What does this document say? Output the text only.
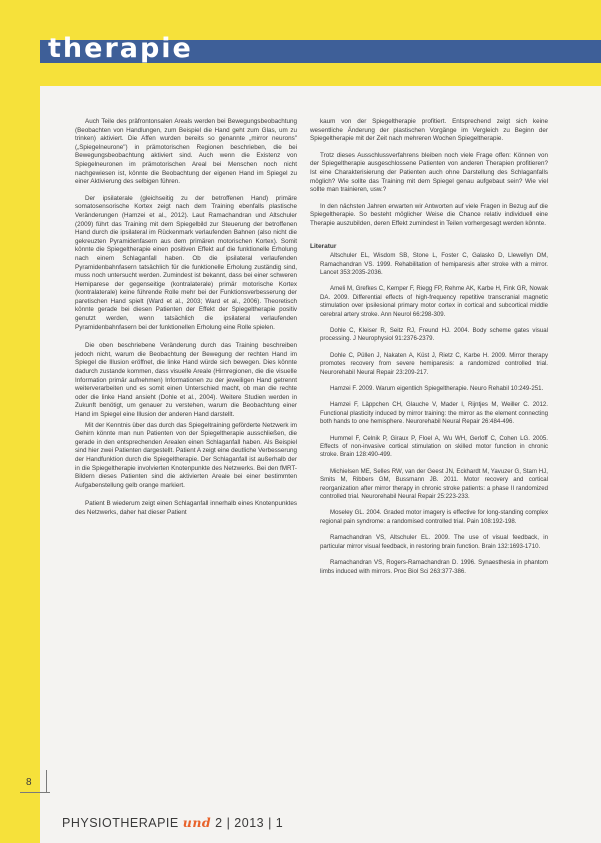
therapie

Auch Teile des präfrontonsalen Areals werden bei Bewegungsbeobachtung (Beobachten von Handlungen, zum Beispiel die Hand geht zum Glas, um zu trinken) aktiviert. Die Affen wurden bereits so genannte „mirror neurons" („Spiegelneurone") in prämotorischen Regionen beschrieben, die bei Bewegungsbeobachtung aktiviert sind. Auch wenn die Existenz von Spiegelneuronen im prämotorischen Areal bei Menschen noch nicht nachgewiesen ist, könnte die Beobachtung der eigenen Hand im Spiegel zu einer Aktivierung des selbigen führen.

Der ipsilaterale (gleichseitig zu der betroffenen Hand) primäre somatosensorische Kortex zeigt nach dem Training ebenfalls plastische Veränderungen (Hamzei et al., 2012). Laut Ramachandran und Altschuler (2009) führt das Training mit dem Spiegelbild zur Steuerung der betroffenen Hand durch die ipsilateral im Rückenmark verlaufenden Bahnen (also nicht die gekreuzten Pyramidenfasern aus dem primären motorischen Kortex). Somit könnte die Spiegeltherapie einen positiven Effekt auf die funktionelle Erholung nach einem Schlaganfall haben. Ob die ipsilateral verlaufenden Pyramidenbahnfasern tatsächlich für die funktionelle Erholung zuständig sind, muss noch untersucht werden. Zumindest ist bekannt, dass bei einer schweren Hemiparese der gegenseitige (kontralaterale) primär motorische Kortex (kontralaterale) keine führende Rolle mehr bei der Funktionsverbesserung der paretischen Hand spielt (Ward et al., 2003; Ward et al., 2006). Theoretisch könnte gerade bei diesen Patienten der Effekt der Spiegeltherapie positiv genutzt werden, wenn tatsächlich die ipsilateral verlaufenden Pyramidenbahnfasern bei der funktionellen Erholung eine Rolle spielen.

Die oben beschriebene Veränderung durch das Training beschreiben jedoch nicht, warum die Beobachtung der Bewegung der rechten Hand im Spiegel die Illusion eröffnet, die linke Hand würde sich bewegen. Dies könnte dadurch zustande kommen, dass visuelle Areale (Hirnregionen, die die visuelle Information primär aufnehmen) Informationen zu der jeweiligen Hand getrennt weiterverarbeiten und es somit einen Unterschied macht, ob man die rechte oder die linke Hand ansieht (Dohle et al., 2004). Weitere Studien werden in Zukunft benötigt, um genauer zu verstehen, warum die Beobachtung einer Hand im Spiegel eine Illusion der anderen Hand darstellt.

Mit der Kenntnis über das durch das Spiegeltraining geförderte Netzwerk im Gehirn könnte man nun Patienten von der Spiegeltherapie ausschließen, die gerade in den entsprechenden Arealen einen Schlaganfall haben. Als Beispiel sind hier zwei Patienten dargestellt. Patient A zeigt eine deutliche Verbesserung der Handfunktion durch die Spiegeltherapie. Der Schlaganfall ist außerhalb der in die Spiegeltherapie involvierten Knotenpunkte des Netzwerks. Bei den fMRT-Bildern dieses Patienten sind die aktivierten Areale bei einer bestimmten Aufgabenstellung gelb orange markiert.

Patient B wiederum zeigt einen Schlaganfall innerhalb eines Knotenpunktes des Netzwerks, daher hat dieser Patient

kaum von der Spiegeltherapie profitiert. Entsprechend zeigt sich keine wesentliche Änderung der plastischen Vorgänge im Vergleich zu Beginn der Spiegeltherapie mit der Zeit nach mehreren Wochen Spiegeltherapie.

Trotz dieses Ausschlussverfahrens bleiben noch viele Frage offen: Können von der Spiegeltherapie ausgeschlossene Patienten von anderen Therapien profitieren? Ist eine Charakterisierung der Patienten auch ohne Darstellung des Schlaganfalls möglich? Wie sollte das Training mit dem Spiegel genau aufgebaut sein? Wie viel sollte man trainieren, usw.?

In den nächsten Jahren erwarten wir Antworten auf viele Fragen in Bezug auf die Spiegeltherapie. So besteht möglicher Weise die Chance relativ individuell eine Therapie auszubilden, deren Effekt zumindest in Teilen vorhergesagt werden könnte.

Literatur

Altschuler EL, Wisdom SB, Stone L, Foster C, Galasko D, Llewellyn DM, Ramachandran VS. 1999. Rehabilitation of hemiparesis after stroke with a mirror. Lancet 353:2035-2036.

Ameli M, Grefkes C, Kemper F, Riegg FP, Rehme AK, Karbe H, Fink GR, Nowak DA. 2009. Differential effects of high-frequency repetitive transcranial magnetic stimulation over ipsilesional primary motor cortex in cortical and subcortical middle cerebral artery stroke. Ann Neurol 66:298-309.

Dohle C, Kleiser R, Seitz RJ, Freund HJ. 2004. Body scheme gates visual processing. J Neurophysiol 91:2376-2379.

Dohle C, Püllen J, Nakaten A, Küst J, Rietz C, Karbe H. 2009. Mirror therapy promotes recovery from severe hemiparesis: a randomized controlled trial. Neurorehabil Neural Repair 23:209-217.

Hamzei F. 2009. Warum eigentlich Spiegeltherapie. Neuro Rehabil 10:249-251.

Hamzei F, Läppchen CH, Glauche V, Mader I, Rijntjes M, Weiller C. 2012. Functional plasticity induced by mirror training: the mirror as the element connecting both hands to one hemisphere. Neurorehabil Neural Repair 26:484-496.

Hummel F, Celnik P, Giraux P, Floel A, Wu WH, Gerloff C, Cohen LG. 2005. Effects of non-invasive cortical stimulation on skilled motor function in chronic stroke. Brain 128:490-499.

Michielsen ME, Selles RW, van der Geest JN, Eckhardt M, Yavuzer G, Stam HJ, Smits M, Ribbers GM, Bussmann JB. 2011. Motor recovery and cortical reorganization after mirror therapy in chronic stroke patients: a phase II randomized controlled trial. Neurorehabil Neural Repair 25:223-233.

Moseley GL. 2004. Graded motor imagery is effective for long-standing complex regional pain syndrome: a randomised controlled trial. Pain 108:192-198.

Ramachandran VS, Altschuler EL. 2009. The use of visual feedback, in particular mirror visual feedback, in restoring brain function. Brain 132:1693-1710.

Ramachandran VS, Rogers-Ramachandran D. 1996. Synaesthesia in phantom limbs induced with mirrors. Proc Biol Sci 263:377-386.

8
PHYSIOTHERAPIE und 2 | 2013 | 1
